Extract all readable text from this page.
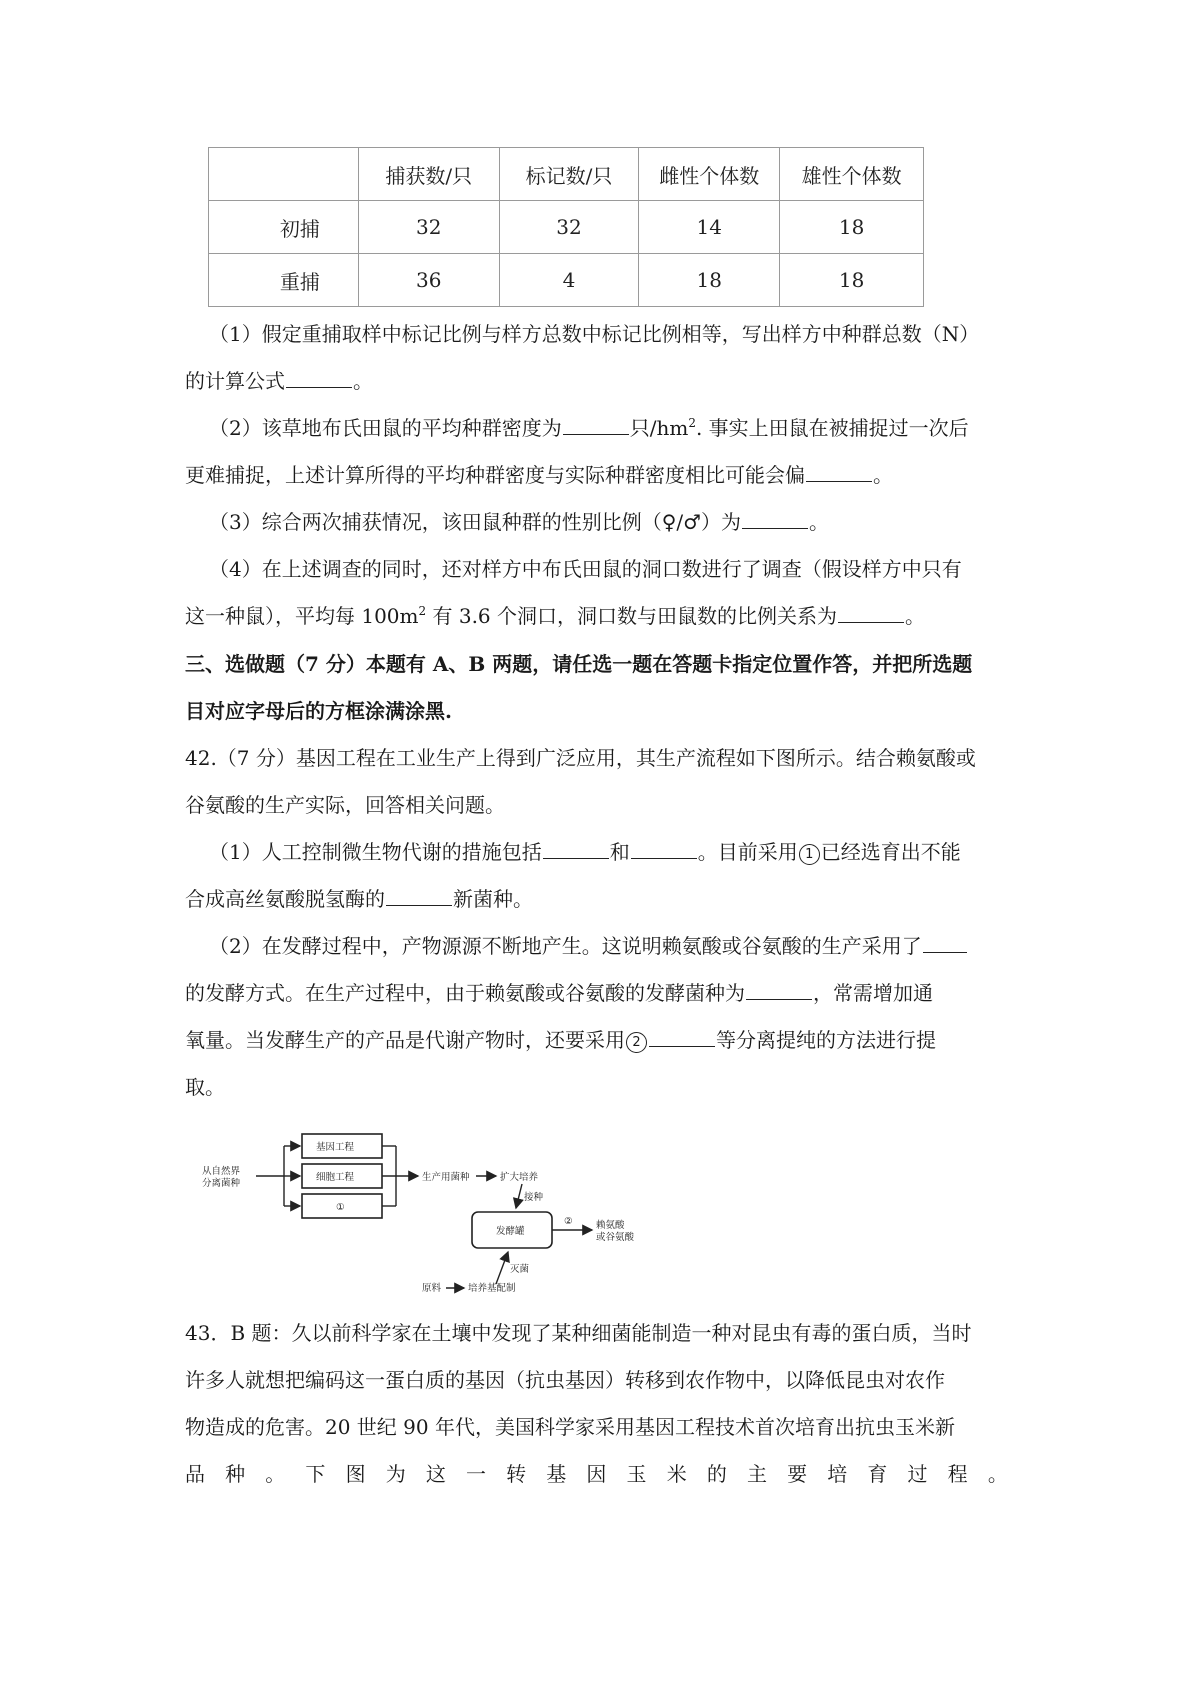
	捕获数/只	标记数/只	雌性个体数	雄性个体数
初捕	32	32	14	18
重捕	36	4	18	18
（1）假定重捕取样中标记比例与样方总数中标记比例相等，写出样方中种群总数（N）
的计算公式	。
（2）该草地布氏田鼠的平均种群密度为	只$/hm^2$. 事实上田鼠在被捕捉过一次后
更难捕捉，上述计算所得的平均种群密度与实际种群密度相比可能会偏	。
（3）综合两次捕获情况，该田鼠种群的性别比例（♀/♂）为	。
（4）在上述调查的同时，还对样方中布氏田鼠的洞口数进行了调查（假设样方中只有
这一种鼠），平均每 $100m^2$ 有 3.6 个洞口，洞口数与田鼠数的比例关系为	。
三、选做题（7 分）本题有 A、B 两题，请任选一题在答题卡指定位置作答，并把所选题
目对应字母后的方框涂满涂黑.
42.（7 分）基因工程在工业生产上得到广泛应用，其生产流程如下图所示。结合赖氨酸或
谷氨酸的生产实际，回答相关问题。
（1）人工控制微生物代谢的措施包括	和	。目前采用 1 已经选育出不能
合成高丝氨酸脱氢酶的	新菌种。
（2）在发酵过程中，产物源源不断地产生。这说明赖氨酸或谷氨酸的生产采用了
的发酵方式。在生产过程中，由于赖氨酸或谷氨酸的发酵菌种为	，常需增加通
氧量。当发酵生产的产品是代谢产物时，还要采用 2	等分离提纯的方法进行提
取。
从自然界
分离菌种
基因工程
细胞工程
①
生产用菌种	扩大培养
接种
发酵罐
② 赖氨酸
或谷氨酸
灭菌
原料	培养基配制
43．B 题：久以前科学家在土壤中发现了某种细菌能制造一种对昆虫有毒的蛋白质，当时
许多人就想把编码这一蛋白质的基因（抗虫基因）转移到农作物中，以降低昆虫对农作
物造成的危害。20 世纪 90 年代，美国科学家采用基因工程技术首次培育出抗虫玉米新
品 种 。 下 图 为 这 一 转 基 因 玉 米 的 主 要 培 育 过 程 。
